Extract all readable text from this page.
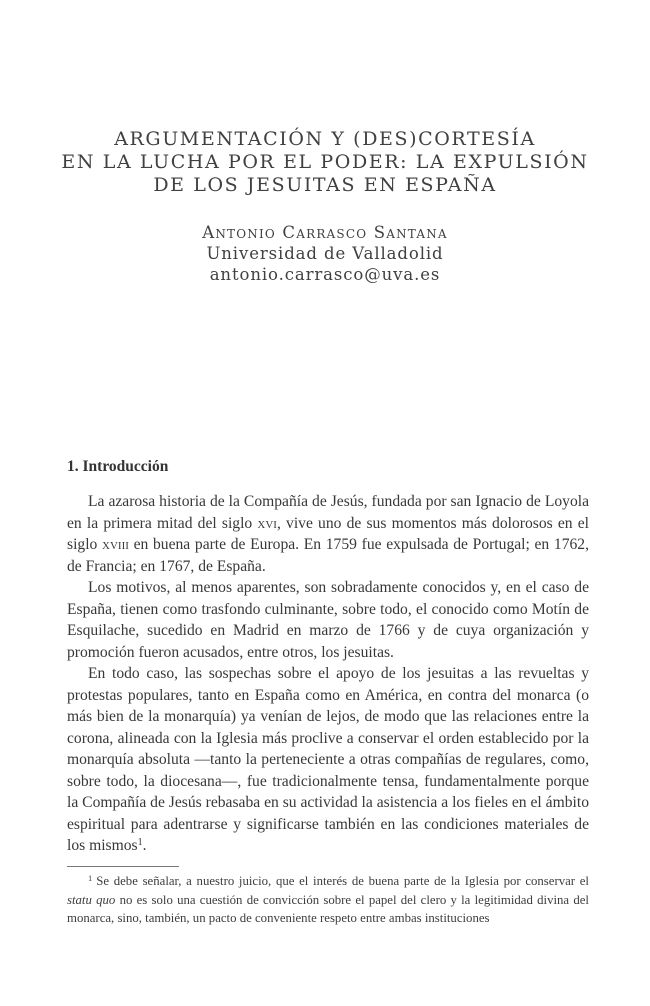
ARGUMENTACIÓN Y (DES)CORTESÍA
EN LA LUCHA POR EL PODER: LA EXPULSIÓN
DE LOS JESUITAS EN ESPAÑA
Antonio Carrasco Santana
Universidad de Valladolid
antonio.carrasco@uva.es
1. Introducción

La azarosa historia de la Compañía de Jesús, fundada por san Ignacio de Loyola en la primera mitad del siglo xvi, vive uno de sus momentos más dolorosos en el siglo xviii en buena parte de Europa. En 1759 fue expulsada de Portugal; en 1762, de Francia; en 1767, de España.

Los motivos, al menos aparentes, son sobradamente conocidos y, en el caso de España, tienen como trasfondo culminante, sobre todo, el conocido como Motín de Esquilache, sucedido en Madrid en marzo de 1766 y de cuya organización y promoción fueron acusados, entre otros, los jesuitas.

En todo caso, las sospechas sobre el apoyo de los jesuitas a las revueltas y protestas populares, tanto en España como en América, en contra del monarca (o más bien de la monarquía) ya venían de lejos, de modo que las relaciones entre la corona, alineada con la Iglesia más proclive a conservar el orden establecido por la monarquía absoluta —tanto la perteneciente a otras compañías de regulares, como, sobre todo, la diocesana—, fue tradicionalmente tensa, fundamentalmente porque la Compañía de Jesús rebasaba en su actividad la asistencia a los fieles en el ámbito espiritual para adentrarse y significarse también en las condiciones materiales de los mismos$^1$.

$^1$ Se debe señalar, a nuestro juicio, que el interés de buena parte de la Iglesia por conservar el statu quo no es solo una cuestión de convicción sobre el papel del clero y la legitimidad divina del monarca, sino, también, un pacto de conveniente respeto entre ambas instituciones
